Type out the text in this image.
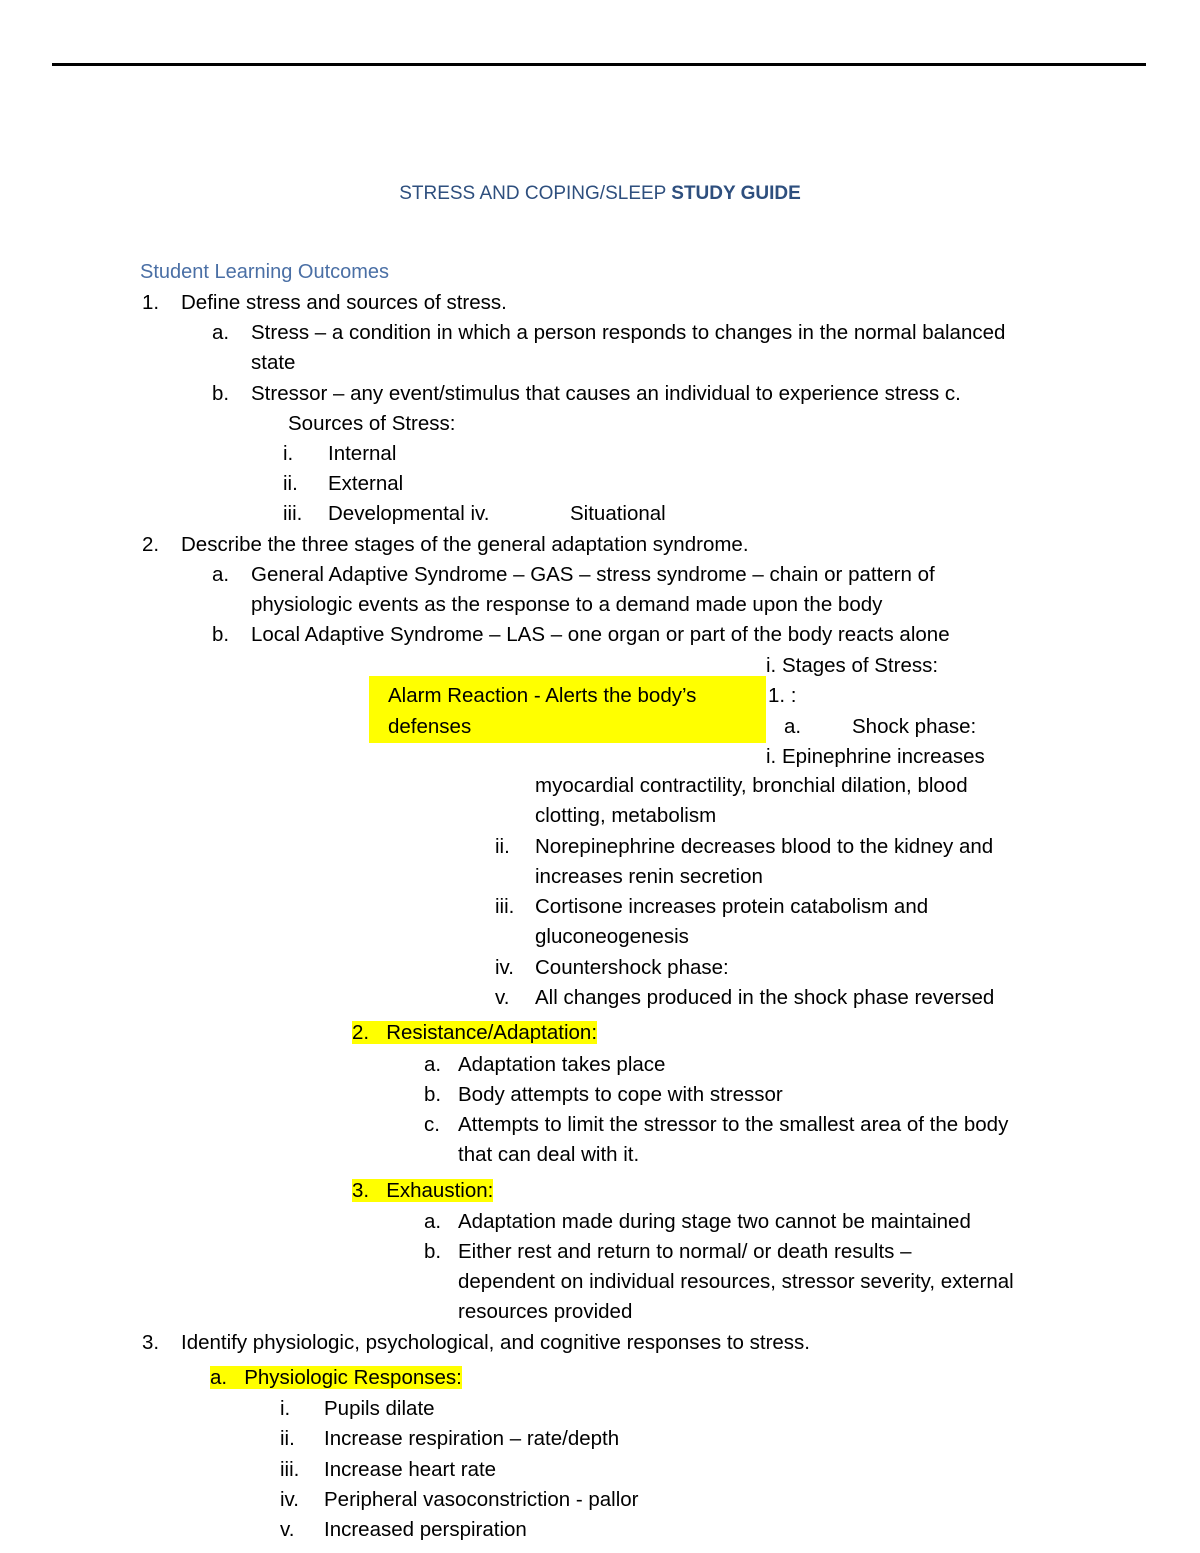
STRESS AND COPING/SLEEP STUDY GUIDE
Student Learning Outcomes
1. Define stress and sources of stress.
a. Stress – a condition in which a person responds to changes in the normal balanced
state
b. Stressor – any event/stimulus that causes an individual to experience stress c.
Sources of Stress:
i. Internal
ii. External
iii. Developmental iv.	Situational
2. Describe the three stages of the general adaptation syndrome.
a. General Adaptive Syndrome – GAS – stress syndrome – chain or pattern of
physiologic events as the response to a demand made upon the body
b. Local Adaptive Syndrome – LAS – one organ or part of the body reacts alone
i. Stages of Stress:
Alarm Reaction - Alerts the body’s
defenses
1. :
a. Shock phase:
i. Epinephrine increases
myocardial contractility, bronchial dilation, blood
clotting, metabolism
ii. Norepinephrine decreases blood to the kidney and
increases renin secretion
iii. Cortisone increases protein catabolism and
gluconeogenesis
iv. Countershock phase:
v. All changes produced in the shock phase reversed
2. Resistance/Adaptation:
a. Adaptation takes place
b. Body attempts to cope with stressor
c. Attempts to limit the stressor to the smallest area of the body
that can deal with it.
3. Exhaustion:
a. Adaptation made during stage two cannot be maintained
b. Either rest and return to normal/ or death results –
dependent on individual resources, stressor severity, external
resources provided
3. Identify physiologic, psychological, and cognitive responses to stress.
a. Physiologic Responses:
i. Pupils dilate
ii. Increase respiration – rate/depth
iii. Increase heart rate
iv. Peripheral vasoconstriction - pallor
v. Increased perspiration
